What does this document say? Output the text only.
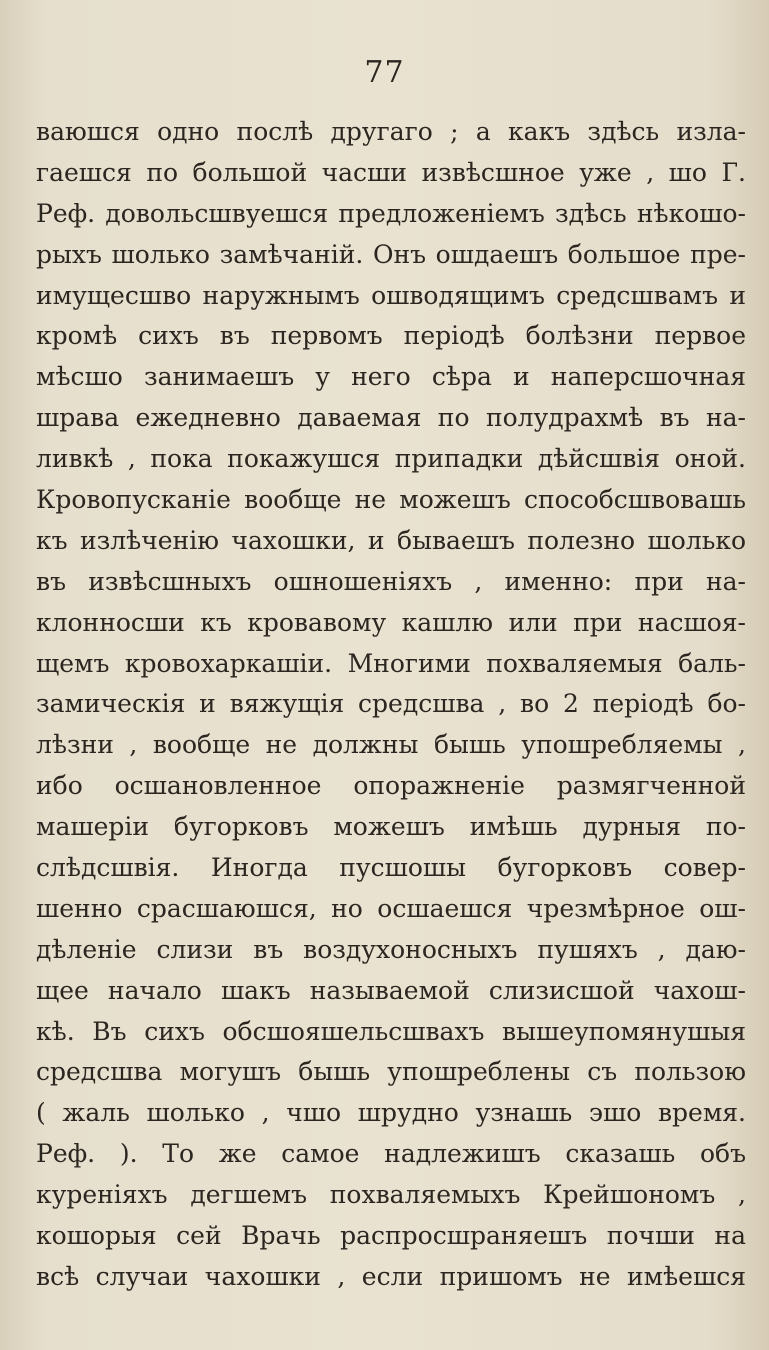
77
ваюшся одно послѣ другаго ; а какъ здѣсь изла-
гаешся по большой часши извѣсшное уже , шо Г.
Реф. довольсшвуешся предложеніемъ здѣсь нѣкошо-
рыхъ шолько замѣчаній. Онъ ошдаешъ большое пре-
имущесшво наружнымъ ошводящимъ средсшвамъ и
кромѣ сихъ въ первомъ періодѣ болѣзни первое
мѣсшо занимаешъ у него сѣра и наперсшочная
шрава ежедневно даваемая по полудрахмѣ въ на-
ливкѣ , пока покажушся припадки дѣйсшвія оной.
Кровопусканіе вообще не можешъ способсшвовашь
къ излѣченію чахошки, и бываешъ полезно шолько
въ извѣсшныхъ ошношеніяхъ , именно: при на-
клонносши къ кровавому кашлю или при насшоя-
щемъ кровохаркашіи. Многими похваляемыя баль-
замическія и вяжущія средсшва , во 2 періодѣ бо-
лѣзни , вообще не должны бышь упошребляемы ,
ибо осшановленное опоражненіе размягченной
машеріи бугорковъ можешъ имѣшь дурныя по-
слѣдсшвія. Иногда пусшошы бугорковъ совер-
шенно срасшаюшся, но осшаешся чрезмѣрное ош-
дѣленіе слизи въ воздухоносныхъ пушяхъ , даю-
щее начало шакъ называемой слизисшой чахош-
кѣ. Въ сихъ обсшояшельсшвахъ вышеупомянушыя
средсшва могушъ бышь упошреблены съ пользою
( жаль шолько , чшо шрудно узнашь эшо время.
Реф. ). То же самое надлежишъ сказашь объ
куреніяхъ дегшемъ похваляемыхъ Крейшономъ ,
кошорыя сей Врачь распросшраняешъ почши на
всѣ случаи чахошки , если пришомъ не имѣешся
